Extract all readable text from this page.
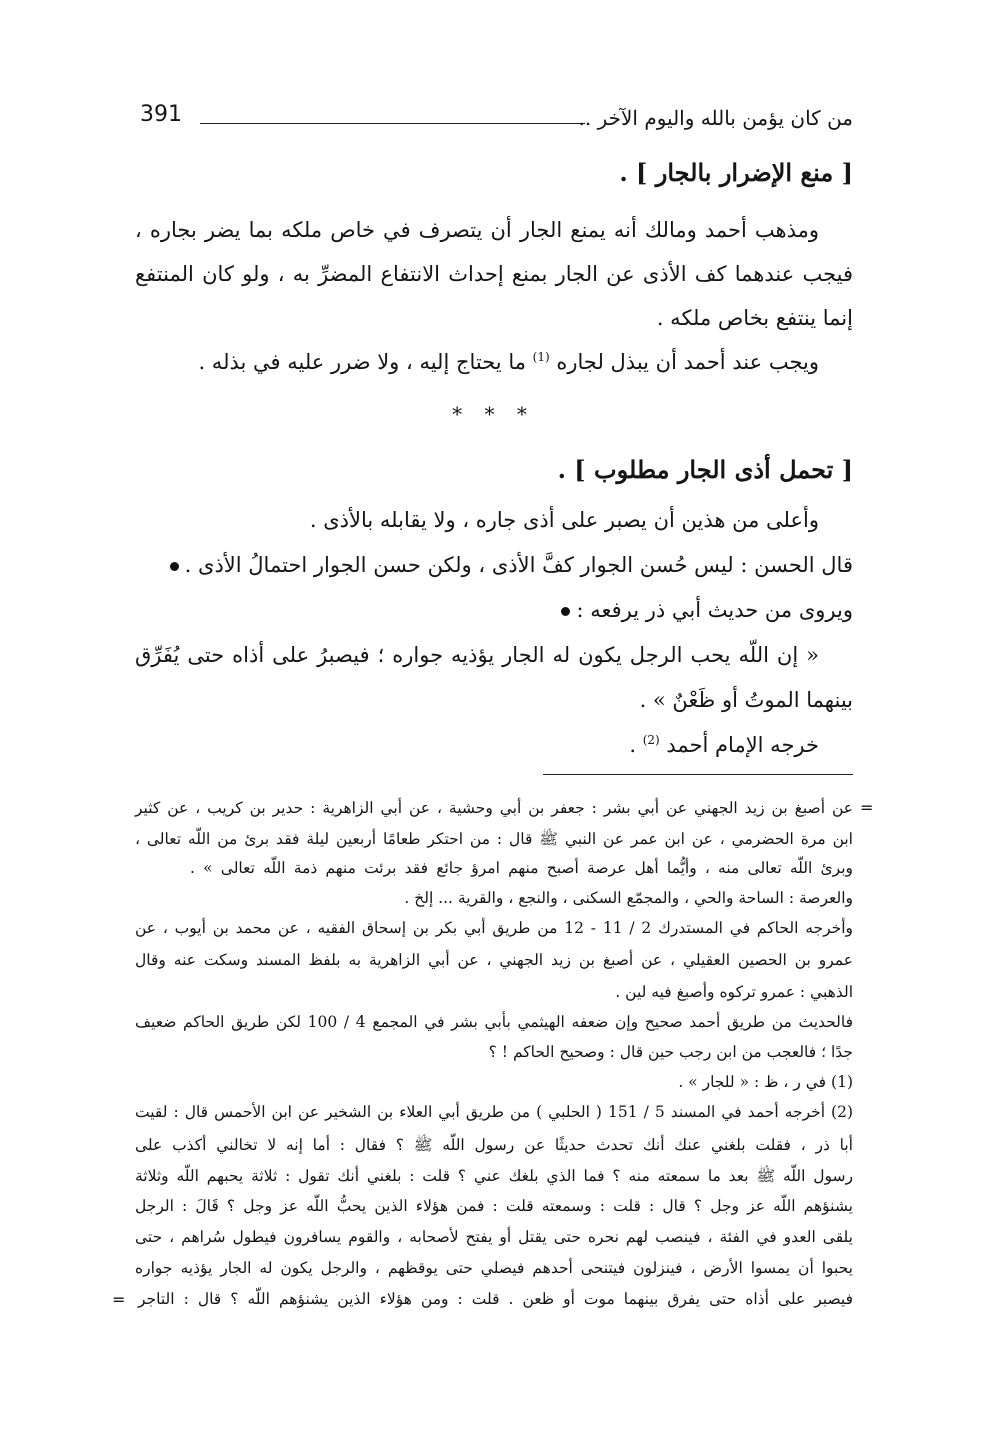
من كان يؤمن بالله واليوم الآخر ..
391
[ منع الإضرار بالجار ] .
ومذهب أحمد ومالك أنه يمنع الجار أن يتصرف في خاص ملكه بما يضر بجاره ،
فيجب عندهما كف الأذى عن الجار بمنع إحداث الانتفاع المضرِّ به ، ولو كان المنتفع
إنما ينتفع بخاص ملكه .
ويجب عند أحمد أن يبذل لجاره $^{(1)}$ ما يحتاج إليه ، ولا ضرر عليه في بذله .
* * *
[ تحمل أذى الجار مطلوب ] .
وأعلى من هذين أن يصبر على أذى جاره ، ولا يقابله بالأذى .
قال الحسن : ليس حُسن الجوار كفَّ الأذى ، ولكن حسن الجوار احتمالُ الأذى .
ويروى من حديث أبي ذر يرفعه :
« إن اللّه يحب الرجل يكون له الجار يؤذيه جواره ؛ فيصبرُ على أذاه حتى يُفَرِّق
بينهما الموتُ أو ظَعْنٌ » .
خرجه الإمام أحمد $^{(2)}$ .
=
عن أصبغ بن زيد الجهني عن أبي بشر : جعفر بن أبي وحشية ، عن أبي الزاهرية : حدير بن كريب ، عن كثير
ابن مرة الحضرمي ، عن ابن عمر عن النبي ﷺ قال : من احتكر طعامًا أربعين ليلة فقد برئ من اللّه تعالى ،
وبرئ اللّه تعالى منه ، وأيُّما أهل عرصة أصبح منهم امرؤ جائع فقد برئت منهم ذمة اللّه تعالى » .
والعرصة : الساحة والحي ، والمجمّع السكنى ، والنجع ، والقرية ... إلخ .
وأخرجه الحاكم في المستدرك 2 / 11 - 12 من طريق أبي بكر بن إسحاق الفقيه ، عن محمد بن أيوب ، عن
عمرو بن الحصين العقيلي ، عن أصبغ بن زيد الجهني ، عن أبي الزاهرية به بلفظ المسند وسكت عنه وقال
الذهبي : عمرو تركوه وأصبغ فيه لين .
فالحديث من طريق أحمد صحيح وإن ضعفه الهيثمي بأبي بشر في المجمع 4 / 100 لكن طريق الحاكم ضعيف
جدًا ؛ فالعجب من ابن رجب حين قال : وصحيح الحاكم ! ؟
(1) في ر ، ظ : « للجار » .
(2) أخرجه أحمد في المسند 5 / 151 ( الحلبي ) من طريق أبي العلاء بن الشخير عن ابن الأحمس قال : لقيت
أبا ذر ، فقلت بلغني عنك أنك تحدث حديثًا عن رسول اللّه ﷺ ؟ فقال : أما إنه لا تخالني أكذب على
رسول اللّه ﷺ بعد ما سمعته منه ؟ فما الذي بلغك عني ؟ قلت : بلغني أنك تقول : ثلاثة يحبهم اللّه وثلاثة
يشنؤهم اللّه عز وجل ؟ قال : قلت : وسمعته قلت : فمن هؤلاء الذين يحبُّ اللّه عز وجل ؟ قَالَ : الرجل
يلقى العدو في الفئة ، فينصب لهم نحره حتى يقتل أو يفتح لأصحابه ، والقوم يسافرون فيطول سُراهم ، حتى
يحبوا أن يمسوا الأرض ، فينزلون فيتنحى أحدهم فيصلي حتى يوقظهم ، والرجل يكون له الجار يؤذيه جواره
فيصبر على أذاه حتى يفرق بينهما موت أو ظعن . قلت : ومن هؤلاء الذين يشنؤهم اللّه ؟ قال : التاجر
=
